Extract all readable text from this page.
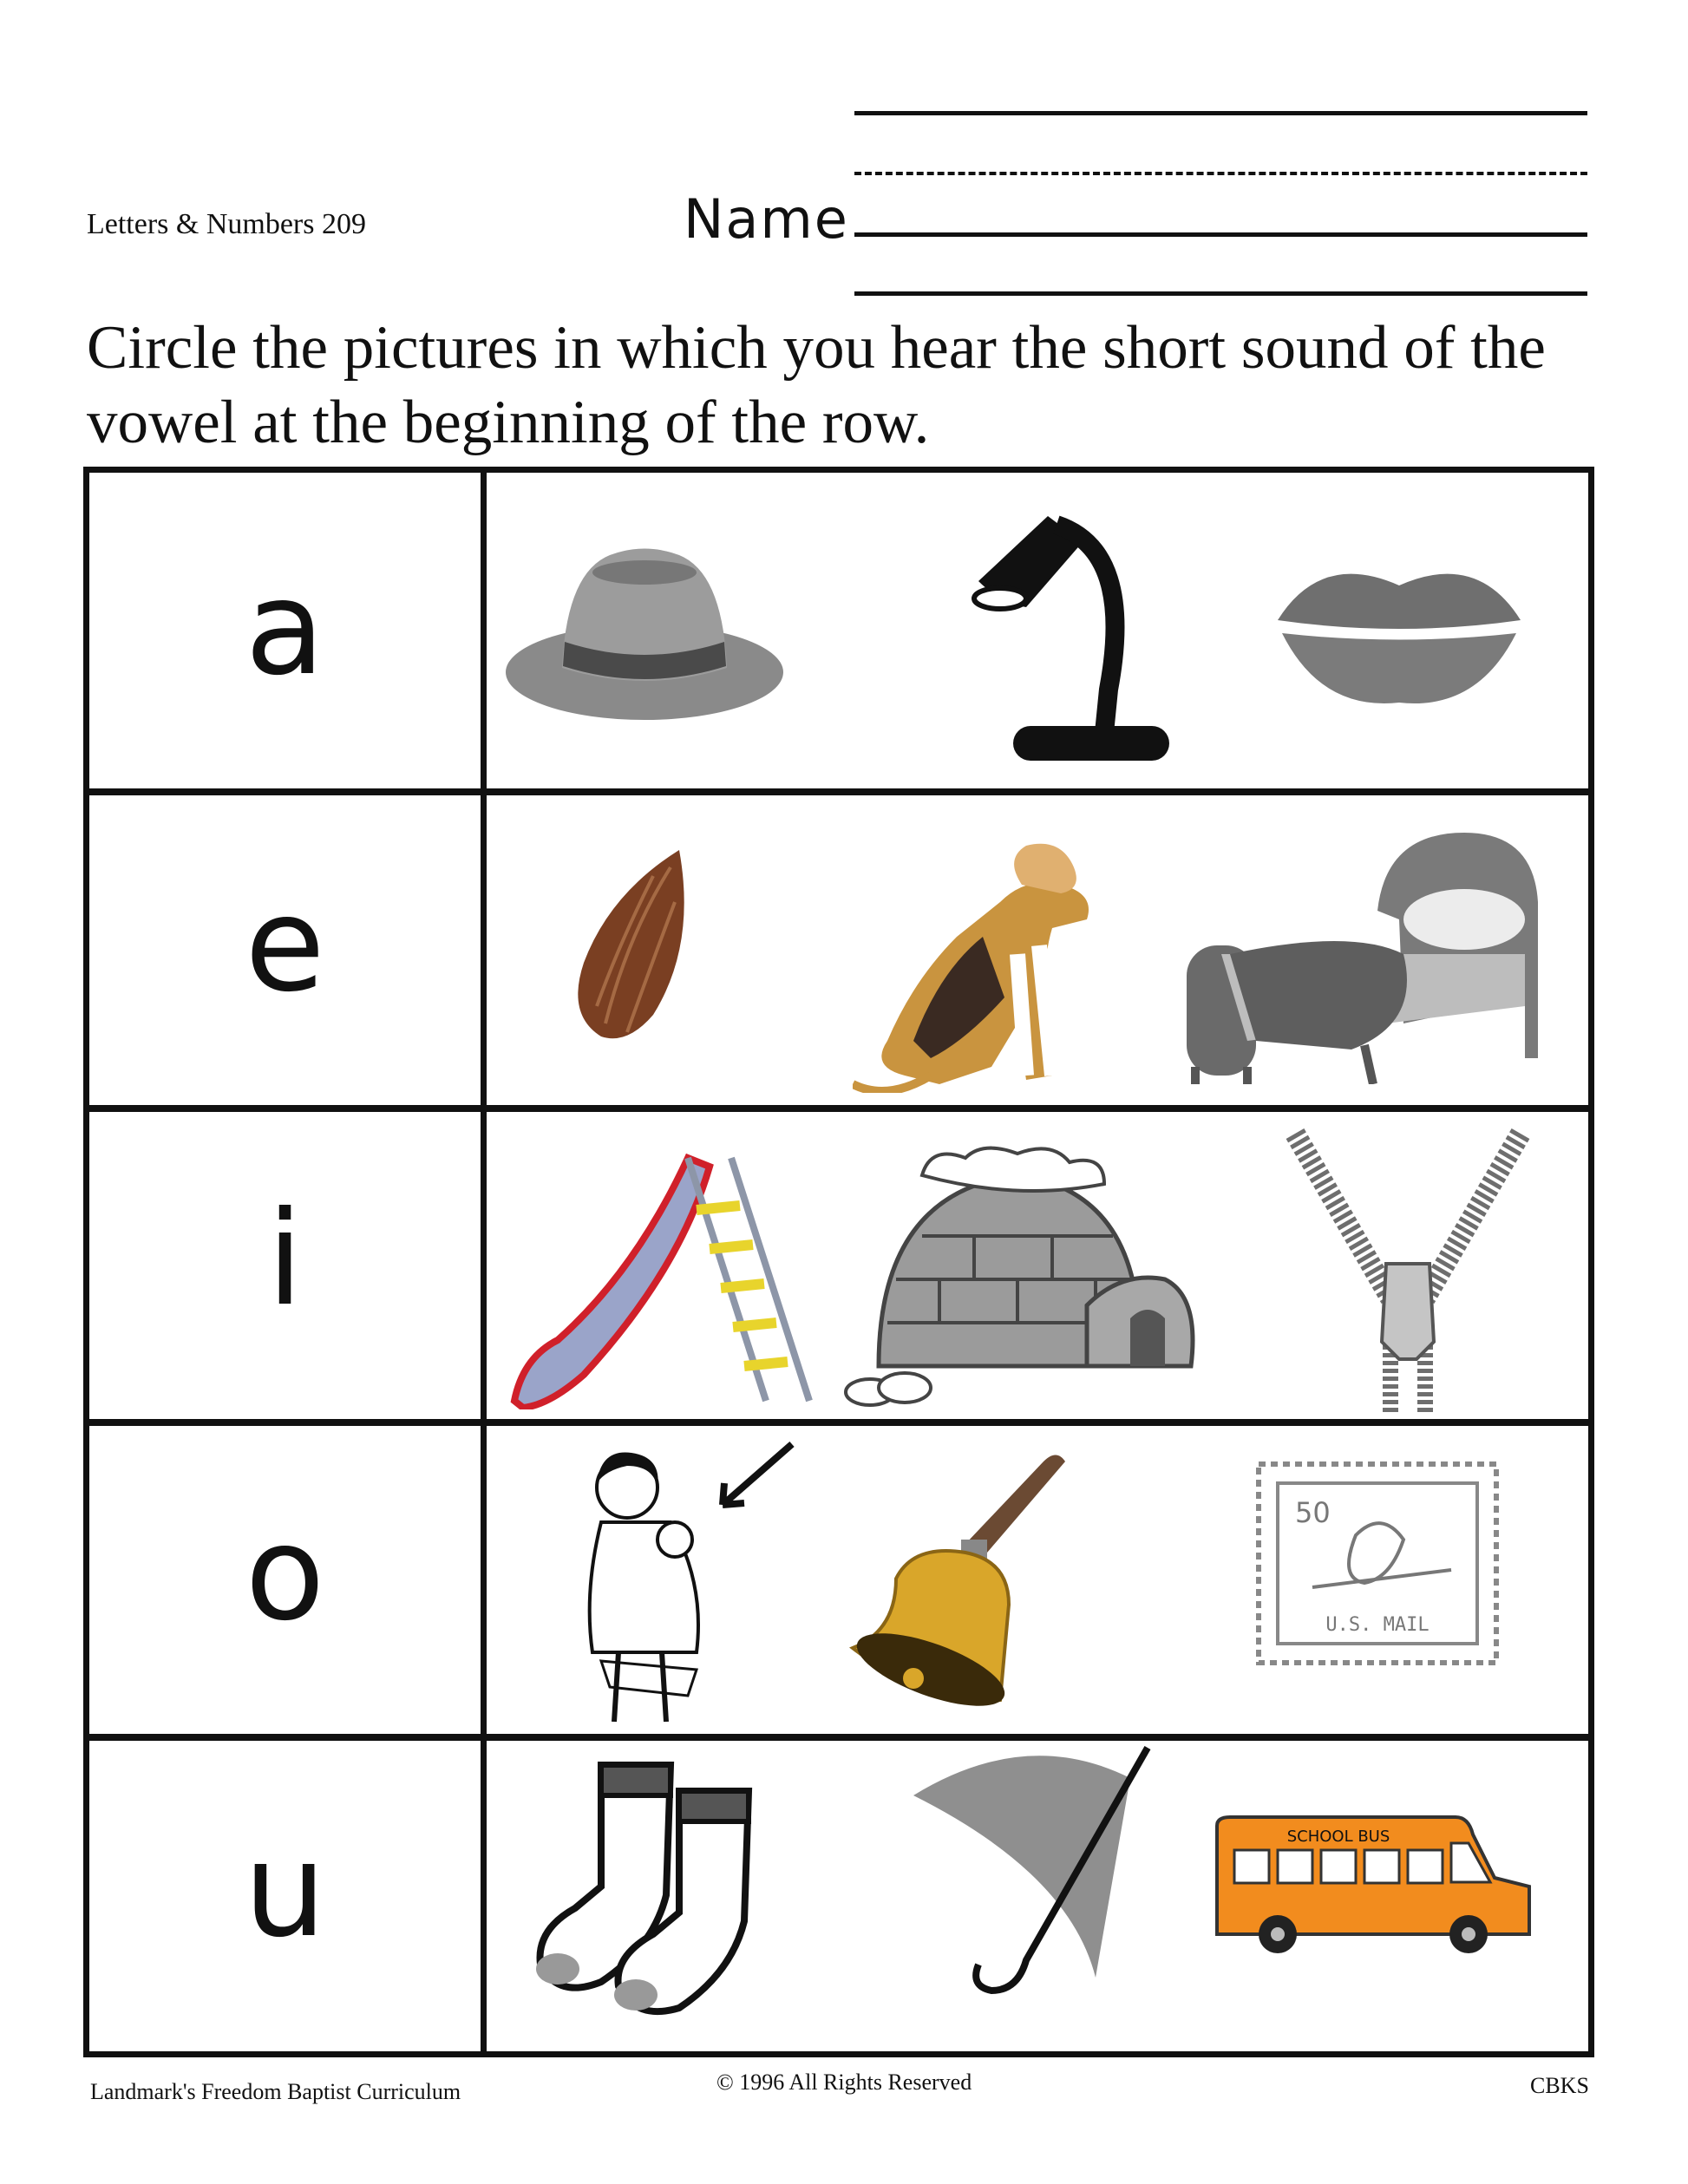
Letters & Numbers 209	Name
Circle the pictures in which you hear the short sound of the vowel at the beginning of the row.
a
e
i
o	50
U.S. MAIL
u	SCHOOL BUS
Landmark's Freedom Baptist Curriculum	© 1996 All Rights Reserved	CBKS
